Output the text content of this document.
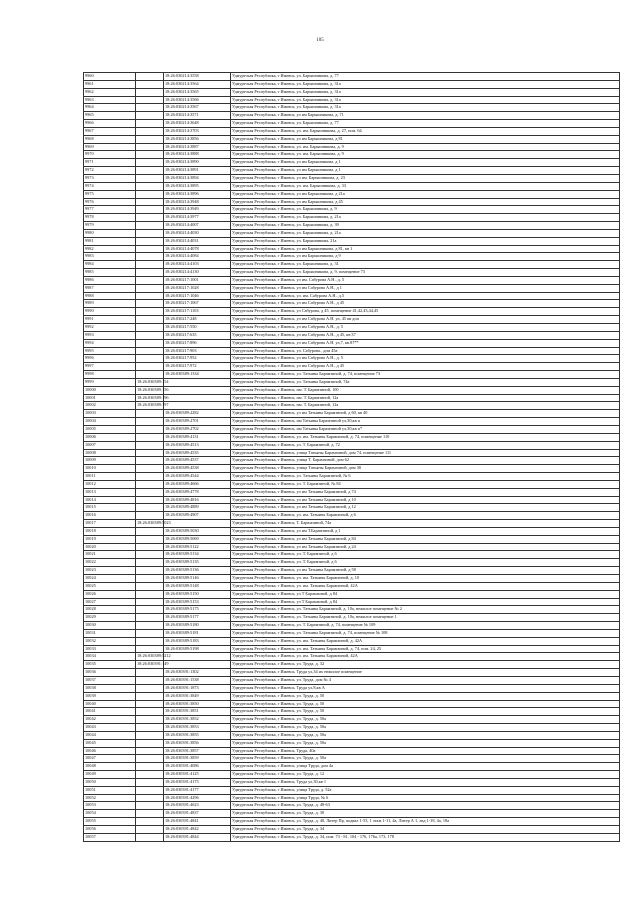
105
9960		18:26:030214:3558	Удмуртская Республика, г Ижевск, ул. Барышникова, д. 77
9961		18:26:030214:3564	Удмуртская Республика, г Ижевск, ул. Барышникова, д. 31а
9962		18:26:030214:3565	Удмуртская Республика, г Ижевск, ул. Барышникова, д. 31а
9963		18:26:030214:3566	Удмуртская Республика, г Ижевск, ул. Барышникова, д. 31а
9964		18:26:030214:3567	Удмуртская Республика, г Ижевск, ул. Барышникова, д. 31а
9965		18:26:030214:3571	Удмуртская Республика, г Ижевск, ул им Барышникова, д. 71
9966		18:26:030214:3648	Удмуртская Республика, г Ижевск, ул. Барышникова, д. 77
9967		18:26:030214:3703	Удмуртская Республика, г Ижевск, ул. им. Барышникова, д. 27, пом. 64
9968		18:26:030214:3856	Удмуртская Республика, г Ижевск, ул им Барышникова, д 81
9969		18:26:030214:3887	Удмуртская Республика, г Ижевск, ул. им. Барышникова, д. 9
9970		18:26:030214:3888	Удмуртская Республика, г Ижевск, ул. им. Барышникова, д. 9
9971		18:26:030214:3890	Удмуртская Республика, г Ижевск, ул им Барышникова, д 1
9972		18:26:030214:3891	Удмуртская Республика, г Ижевск, ул им Барышникова, д 1
9973		18:26:030214:3894	Удмуртская Республика, г Ижевск, ул им. Барышникова, д. 23
9974		18:26:030214:3895	Удмуртская Республика, г Ижевск, ул. им. Барышникова, д. 33
9975		18:26:030214:3896	Удмуртская Республика, г Ижевск, ул им Барышникова, д 21а
9976		18:26:030214:3948	Удмуртская Республика, г Ижевск, ул им Барышникова, д 45
9977		18:26:030214:3949	Удмуртская Республика, г Ижевск, ул. Барышникова, д. 9
9978		18:26:030214:3977	Удмуртская Республика, г Ижевск, ул. Барышникова, д. 21а
9979		18:26:030214:4007	Удмуртская Республика, г Ижевск, ул. Барышникова, д. 39
9980		18:26:030214:4030	Удмуртская Республика, г Ижевск, ул. Барышникова, д. 21а
9981		18:26:030214:4031	Удмуртская Республика, г Ижевск, ул. Барышникова, 21а
9982		18:26:030214:4078	Удмуртская Республика, г Ижевск, ул им Барышникова, д 81, кв 1
9983		18:26:030214:4084	Удмуртская Республика, г Ижевск, ул им Барышникова, д 9
9984		18:26:030214:4103	Удмуртская Республика, г Ижевск, ул. Барышникова, д. 31
9985		18:26:030214:4130	Удмуртская Республика, г Ижевск, ул. Барышникова, д. 9, помещение 73
9986		18:26:030217:1001	Удмуртская Республика, г Ижевск, ул им. Сабурова А.Н., д. 5
9987		18:26:030217:1028	Удмуртская Республика, г Ижевск, ул им Сабурова А.Н., д 1
9988		18:26:030217:1046	Удмуртская Республика, г Ижевск, ул. им. Сабурова А.Н., д.5
9989		18:26:030217:1067	Удмуртская Республика, г Ижевск, ул им Сабурова А.Н., д 45
9990		18:26:030217:1103	Удмуртская Республика, г Ижевск, ул Сабурова, д 45, помещение 41,42,43,44,45
9991		18:26:030217:248	Удмуртская Республика, г Ижевск, ул им Сабурова А.Н. ул, 45 кв доп
9992		18:26:030217:550	Удмуртская Республика, г Ижевск, ул им Сабурова А.Н., д. 5
9993		18:26:030217:635	Удмуртская Республика, г Ижевск, ул им Сабурова А.Н., д 45, кв 37
9994		18:26:030217:896	Удмуртская Республика, г Ижевск, ул им Сабурова А.Н. ул,7, кв.87**
9995		18:26:030217:903	Удмуртская Республика, г Ижевск, ул. Сабурова., дом 45а
9996		18:26:030217:952	Удмуртская Республика, г Ижевск, ул им Сабурова А.Н., д. 5
9997		18:26:030217:972	Удмуртская Республика, г Ижевск, ул им Сабурова А.Н., д 45
9998		18:26:030389:1334	Удмуртская Республика, г Ижевск, ул. Татьяны Барамзиной, д. 74, помещение 73
9999	18:26:030389:154		Удмуртская Республика, г Ижевск, ул. Татьяны Барамзиной, 74а
10000	18:26:030389:156		Удмуртская Республика, г Ижевск, им. Т. Барамзиной, 100
10001	18:26:030389:196		Удмуртская Республика, г Ижевск, им. Т. Барамзиной, 12а
10002	18:26:030389:197		Удмуртская Республика, г Ижевск, им. Т. Барамзиной, 12а
10003		18:26:030389:2282	Удмуртская Республика, г Ижевск, ул им Татьяны Барамзиной, д 60, кв 40
10004		18:26:030389:2701	Удмуртская Республика, г Ижевск, им Татьяны Барамзиной ул,30,кв п
10005		18:26:030389:2702	Удмуртская Республика, г Ижевск, им Татьяны Барамзиной ул,30,кв п*
10006		18:26:030389:4131	Удмуртская Республика, г Ижевск, ул. им. Татьяны Барамзиной, д. 74, помещение 110
10007		18:26:030389:4513	Удмуртская Республика, г Ижевск, ул. Т. Барамзиной, д. 72
10008		18:26:030389:4535	Удмуртская Республика, г Ижевск, улица Татьяны Барамзиной, дом 74, помещение 111
10009		18:26:030389:4537	Удмуртская Республика, г Ижевск, улица Т. Барамзиной, дом 62
10010		18:26:030389:4538	Удмуртская Республика, г Ижевск, улица Татьяны Барамзиной, дом 30
10011		18:26:030389:4544	Удмуртская Республика, г Ижевск, ул. Татьяны Барамзиной, № 6
10012		18:26:030389:4666	Удмуртская Республика, г Ижевск, ул. Т. Барамзиной, № 84
10013		18:26:030389:4778	Удмуртская Республика, г Ижевск, ул им Татьяны Барамзиной, д 74
10014		18:26:030389:4816	Удмуртская Республика, г Ижевск, ул им Татьяны Барамзиной, д 10
10015		18:26:030389:4889	Удмуртская Республика, г Ижевск, ул им Татьяны Барамзиной, д 12
10016		18:26:030389:4907	Удмуртская Республика, г Ижевск, ул. им. Татьяны Барамзиной, д 6
10017	18:26:030389:5023		Удмуртская Республика, г Ижевск, Т. Барамзиной, 74а
10018		18:26:030389:5030	Удмуртская Республика, г Ижевск, ул им Т.Барамзиной, д 1
10019		18:26:030389:5069	Удмуртская Республика, г Ижевск, ул им Татьяны Барамзиной, д 84
10020		18:26:030389:5122	Удмуртская Республика, г Ижевск, ул им Татьяны Барамзиной, д 24
10021		18:26:030389:5134	Удмуртская Республика, г Ижевск, ул. Т. Барамзиной, д 6
10022		18:26:030389:5135	Удмуртская Республика, г Ижевск, ул. Т. Барамзиной, д 6
10023		18:26:030389:5136	Удмуртская Республика, г Ижевск, ул им Татьяны Барамзиной, д 58
10024		18:26:030389:5146	Удмуртская Республика, г Ижевск, ул. им. Татьяны Барамзиной, д. 10
10025		18:26:030389:5148	Удмуртская Республика, г Ижевск, ул. им. Татьяны Барамзиной, 42А
10026		18:26:030389:5150	Удмуртская Республика, г Ижевск, ул Т Барамзиной, д 84
10027		18:26:030389:5153	Удмуртская Республика, г Ижевск, ул Т Барамзиной, д 84
10028		18:26:030389:5175	Удмуртская Республика, г Ижевск, ул. Татьяны Барамзиной, д. 10а, нежилое помещение № 2
10029		18:26:030389:5177	Удмуртская Республика, г Ижевск, ул. Татьяны Барамзиной, д. 10а, нежилое помещение 1
10030		18:26:030389:5180	Удмуртская Республика, г Ижевск, ул. Т. Барамзиной, д. 74, помещение № 109
10031		18:26:030389:5181	Удмуртская Республика, г Ижевск, ул. Татьяны Барамзиной, д. 74, помещение № 108
10032		18:26:030389:5183	Удмуртская Республика, г Ижевск, ул. им. Татьяны Барамзиной, д. 42А
10033		18:26:030389:5198	Удмуртская Республика, г Ижевск, ул. им. Татьяны Барамзиной, д. 74, пом. 24, 25
10034	18:26:030389:5212		Удмуртская Республика, г Ижевск, ул. им. Татьяны Барамзиной, 42А
10035	18:26:030391:149		Удмуртская Республика, г Ижевск, ул. Труда, д. 32
10036		18:26:030391:1302	Удмуртская Республика, г Ижевск, Труда ул,34 их нежилое помещение
10037		18:26:030391:1538	Удмуртская Республика, г Ижевск, ул. Труда, дом № 4
10038		18:26:030391:1873	Удмуртская Республика, г Ижевск, Труда ул,8,кв А
10039		18:26:030391:3849	Удмуртская Республика, г Ижевск, ул. Труда, д. 50
10040		18:26:030391:3850	Удмуртская Республика, г Ижевск, ул. Труда, д. 50
10041		18:26:030391:3851	Удмуртская Республика, г Ижевск, ул. Труда, д. 50
10042		18:26:030391:3852	Удмуртская Республика, г Ижевск, ул. Труда, д. 50а
10043		18:26:030391:3853	Удмуртская Республика, г Ижевск, ул. Труда, д. 50а
10044		18:26:030391:3855	Удмуртская Республика, г Ижевск, ул. Труда, д. 50а
10045		18:26:030391:3856	Удмуртская Республика, г Ижевск, ул. Труда, д. 50а
10046		18:26:030391:3857	Удмуртская Республика, г Ижевск, Труда, 40а
10047		18:26:030391:3859	Удмуртская Республика, г Ижевск, ул. Труда, д. 50а
10048		18:26:030391:4086	Удмуртская Республика, г Ижевск, улица Труда, дом 4а
10049		18:26:030391:4125	Удмуртская Республика, г Ижевск, ул. Труда, д. 12
10050		18:26:030391:4175	Удмуртская Республика, г Ижевск, Труда ул,30,кв 1
10051		18:26:030391:4177	Удмуртская Республика, г Ижевск, улица Труда, д. 52а
10052		18:26:030391:4296	Удмуртская Республика, г Ижевск, улица Труда, № 6
10053		18:26:030391:4623	Удмуртская Республика, г Ижевск, ул. Труда, д. 48-63
10054		18:26:030391:4837	Удмуртская Республика, г Ижевск, ул. Труда, д. 30
10055		18:26:030391:4841	Удмуртская Республика, г Ижевск, ул. Труда, д. 40, Литер Пр, подвал 1-53, 1 этаж 1-11, 4а, Литер А 1, лвд 1-18, 4а, 18а
10056		18:26:030391:4842	Удмуртская Республика, г Ижевск, ул. Труда, д. 34
10057		18:26:030391:4844	Удмуртская Республика, г Ижевск, ул. Труда, д. 34, пом. 73 - 81, 104 - 176, 176а, 173, 178
